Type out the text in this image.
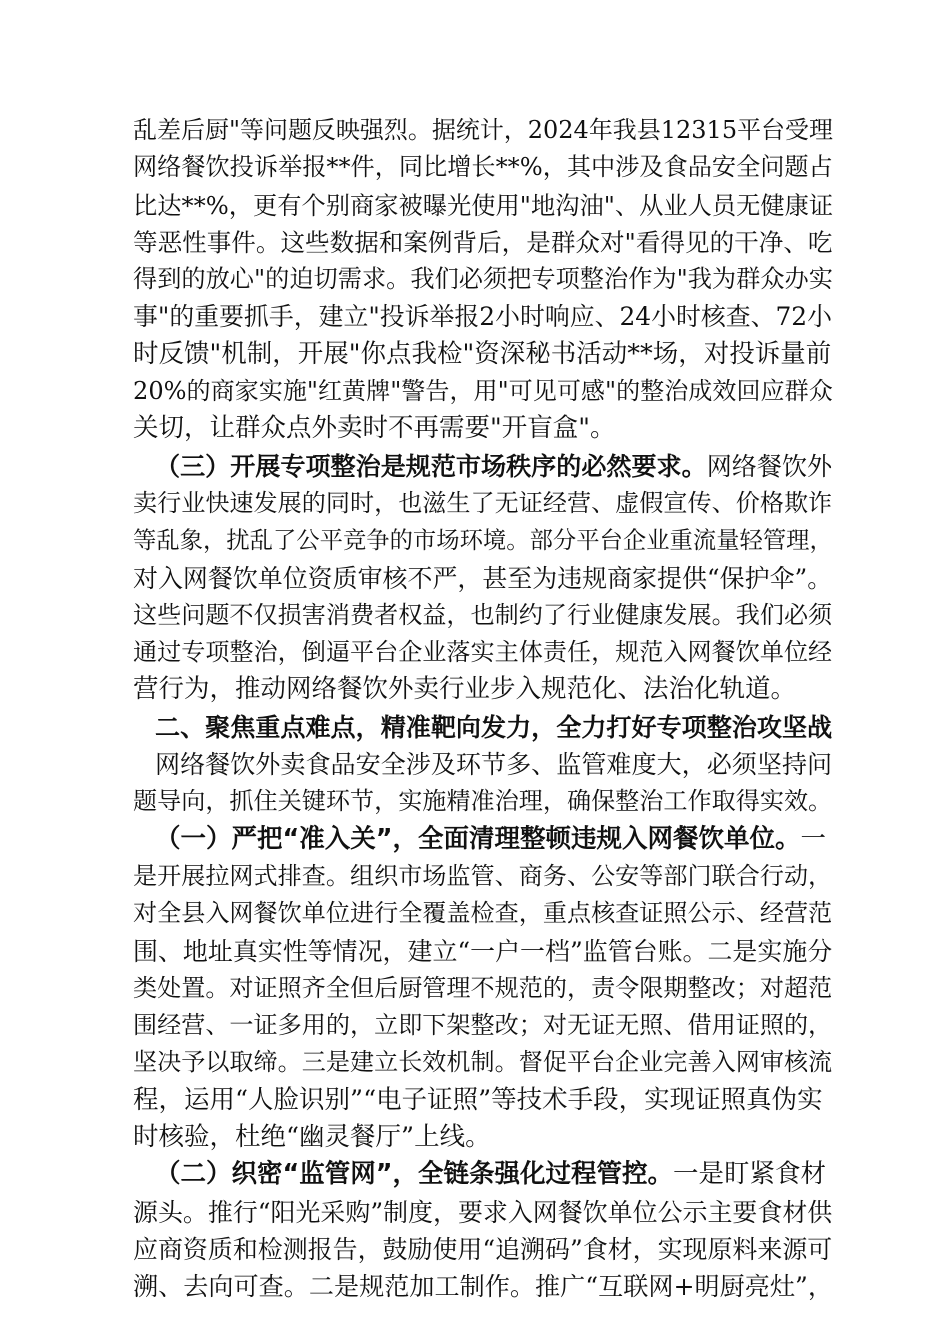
乱差后厨"等问题反映强烈。据统计，2024年我县12315平台受理
网络餐饮投诉举报**件，同比增长**%，其中涉及食品安全问题占
比达**%，更有个别商家被曝光使用"地沟油"、从业人员无健康证
等恶性事件。这些数据和案例背后，是群众对"看得见的干净、吃
得到的放心"的迫切需求。我们必须把专项整治作为"我为群众办实
事"的重要抓手，建立"投诉举报2小时响应、24小时核查、72小
时反馈"机制，开展"你点我检"资深秘书活动**场，对投诉量前
20%的商家实施"红黄牌"警告，用"可见可感"的整治成效回应群众
关切，让群众点外卖时不再需要"开盲盒"。
（三）开展专项整治是规范市场秩序的必然要求。网络餐饮外
卖行业快速发展的同时，也滋生了无证经营、虚假宣传、价格欺诈
等乱象，扰乱了公平竞争的市场环境。部分平台企业重流量轻管理，
对入网餐饮单位资质审核不严，甚至为违规商家提供“保护伞”。
这些问题不仅损害消费者权益，也制约了行业健康发展。我们必须
通过专项整治，倒逼平台企业落实主体责任，规范入网餐饮单位经
营行为，推动网络餐饮外卖行业步入规范化、法治化轨道。
二、聚焦重点难点，精准靶向发力，全力打好专项整治攻坚战
网络餐饮外卖食品安全涉及环节多、监管难度大，必须坚持问
题导向，抓住关键环节，实施精准治理，确保整治工作取得实效。
（一）严把“准入关”，全面清理整顿违规入网餐饮单位。一
是开展拉网式排查。组织市场监管、商务、公安等部门联合行动，
对全县入网餐饮单位进行全覆盖检查，重点核查证照公示、经营范
围、地址真实性等情况，建立“一户一档”监管台账。二是实施分
类处置。对证照齐全但后厨管理不规范的，责令限期整改；对超范
围经营、一证多用的，立即下架整改；对无证无照、借用证照的，
坚决予以取缔。三是建立长效机制。督促平台企业完善入网审核流
程，运用“人脸识别”“电子证照”等技术手段，实现证照真伪实
时核验，杜绝“幽灵餐厅”上线。
（二）织密“监管网”，全链条强化过程管控。一是盯紧食材
源头。推行“阳光采购”制度，要求入网餐饮单位公示主要食材供
应商资质和检测报告，鼓励使用“追溯码”食材，实现原料来源可
溯、去向可查。二是规范加工制作。推广“互联网+明厨亮灶”，
